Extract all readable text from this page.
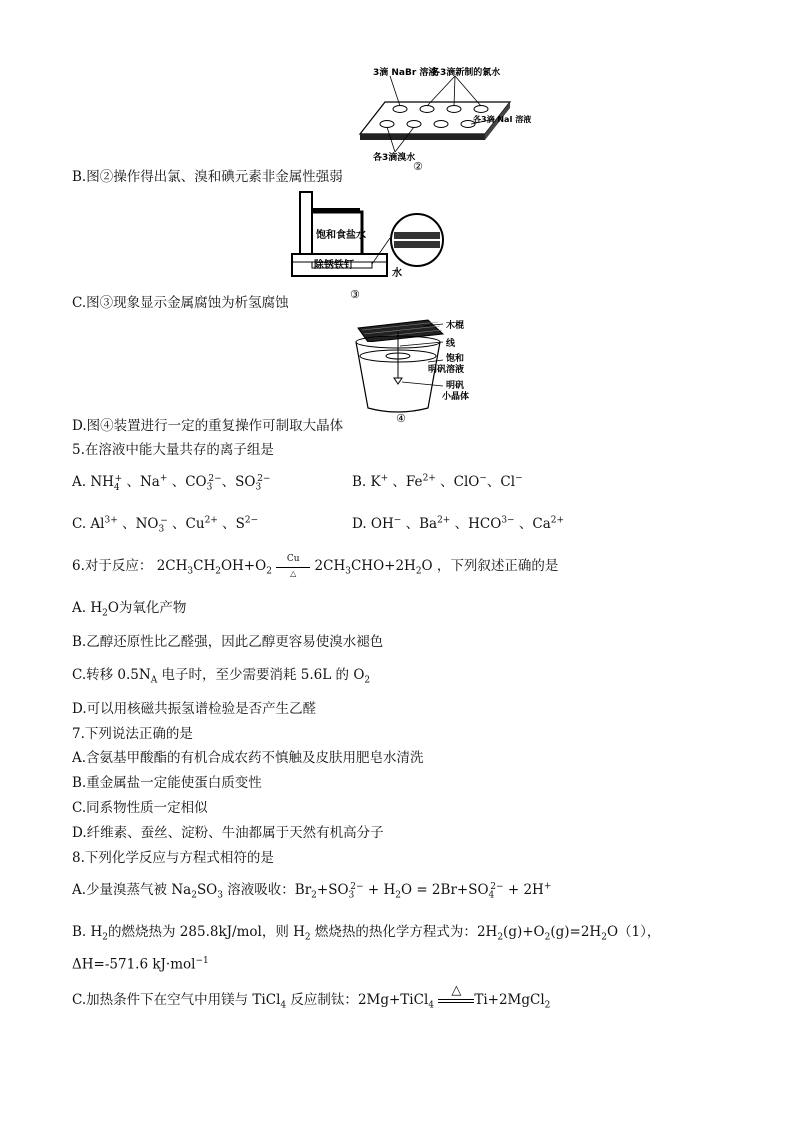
3滴 NaBr 溶液
各3滴新制的氯水
各3滴 NaI 溶液
各3滴溴水
②
B.图②操作得出氯、溴和碘元素非金属性强弱
饱和食盐水
除锈铁钉
水
③
C.图③现象显示金属腐蚀为析氢腐蚀
木棍
线
饱和
明矾溶液
明矾
小晶体
④
D.图④装置进行一定的重复操作可制取大晶体
5.在溶液中能大量共存的离子组是
A. $NH_4^+$ 、Na+ 、$CO_3^{2-}$、$SO_3^{2-}$	B. K+ 、$Fe^{2+}$ 、ClO−、Cl−
C. $Al^{3+}$ 、$NO_3^-$ 、$Cu^{2+}$ 、$S^{2-}$	D. OH− 、$Ba^{2+}$ 、$HCO^{3-}$ 、$Ca^{2+}$
6.对于反应： $2CH_3CH_2OH+O_2$
Cu
△	$2CH_3CHO+2H_2O$ ，下列叙述正确的是
A. $H_2O$为氧化产物
B.乙醇还原性比乙醛强，因此乙醇更容易使溴水褪色
C.转移 $0.5N_A$ 电子时，至少需要消耗 5.6L 的 $O_2$
D.可以用核磁共振氢谱检验是否产生乙醛
7.下列说法正确的是
A.含氨基甲酸酯的有机合成农药不慎触及皮肤用肥皂水清洗
B.重金属盐一定能使蛋白质变性
C.同系物性质一定相似
D.纤维素、蚕丝、淀粉、牛油都属于天然有机高分子
8.下列化学反应与方程式相符的是
A.少量溴蒸气被 $Na_2SO_3$ 溶液吸收：$Br_2+SO_3^{2-} + H_2O = 2Br+SO_4^{2-} + 2H^+$
B. $H_2$的燃烧热为 285.8kJ/mol，则 $H_2$ 燃烧热的热化学方程式为：$2H_2(g)+O_2(g)=2H_2O(1)$，
ΔH=-571.6 kJ·mol$^{-1}$
C.加热条件下在空气中用镁与 TiCl$_4$ 反应制钛：2Mg+TiCl$_4$
△
Ti+2MgCl$_2$
